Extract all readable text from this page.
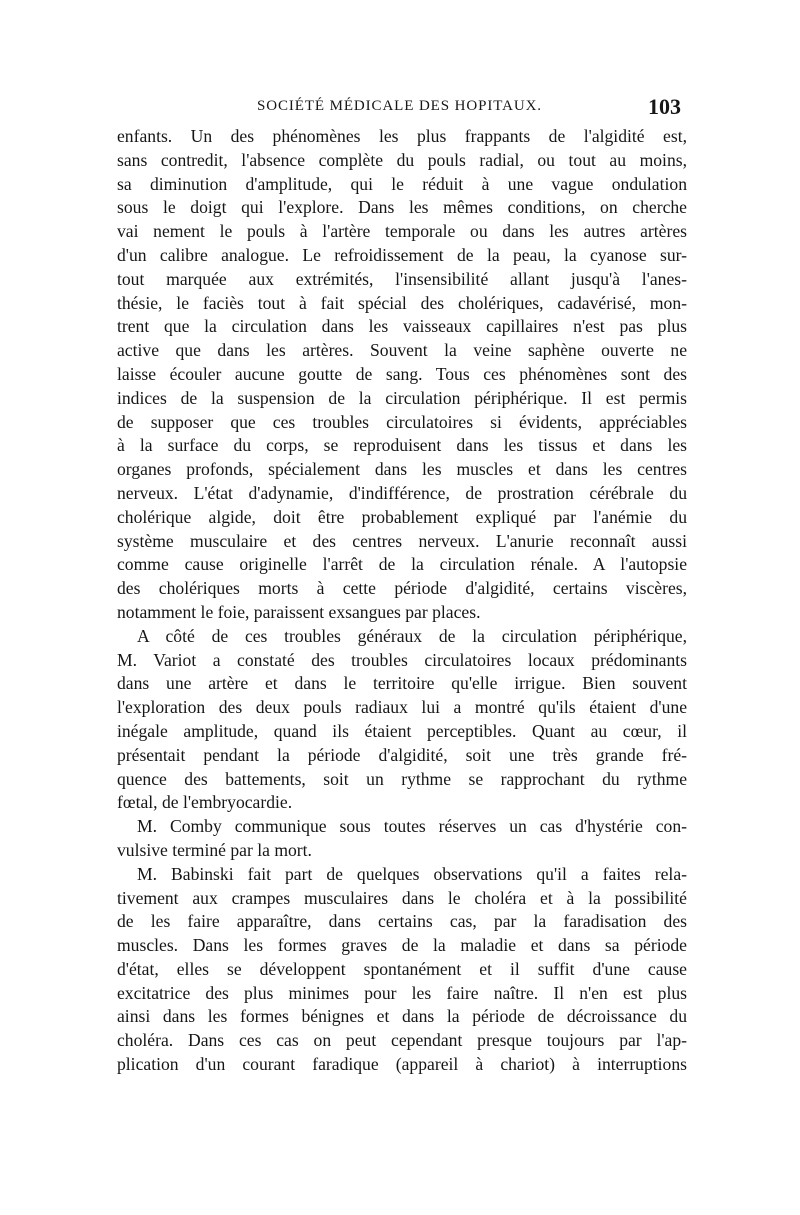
SOCIÉTÉ MÉDICALE DES HOPITAUX.	103
enfants. Un des phénomènes les plus frappants de l'algidité est,
sans contredit, l'absence complète du pouls radial, ou tout au moins,
sa diminution d'amplitude, qui le réduit à une vague ondulation
sous le doigt qui l'explore. Dans les mêmes conditions, on cherche
vai nement le pouls à l'artère temporale ou dans les autres artères
d'un calibre analogue. Le refroidissement de la peau, la cyanose sur-
tout marquée aux extrémités, l'insensibilité allant jusqu'à l'anes-
thésie, le faciès tout à fait spécial des cholériques, cadavérisé, mon-
trent que la circulation dans les vaisseaux capillaires n'est pas plus
active que dans les artères. Souvent la veine saphène ouverte ne
laisse écouler aucune goutte de sang. Tous ces phénomènes sont des
indices de la suspension de la circulation périphérique. Il est permis
de supposer que ces troubles circulatoires si évidents, appréciables
à la surface du corps, se reproduisent dans les tissus et dans les
organes profonds, spécialement dans les muscles et dans les centres
nerveux. L'état d'adynamie, d'indifférence, de prostration cérébrale du
cholérique algide, doit être probablement expliqué par l'anémie du
système musculaire et des centres nerveux. L'anurie reconnaît aussi
comme cause originelle l'arrêt de la circulation rénale. A l'autopsie
des cholériques morts à cette période d'algidité, certains viscères,
notamment le foie, paraissent exsangues par places.
A côté de ces troubles généraux de la circulation périphérique,
M. Variot a constaté des troubles circulatoires locaux prédominants
dans une artère et dans le territoire qu'elle irrigue. Bien souvent
l'exploration des deux pouls radiaux lui a montré qu'ils étaient d'une
inégale amplitude, quand ils étaient perceptibles. Quant au cœur, il
présentait pendant la période d'algidité, soit une très grande fré-
quence des battements, soit un rythme se rapprochant du rythme
fœtal, de l'embryocardie.
M. Comby communique sous toutes réserves un cas d'hystérie con-
vulsive terminé par la mort.
M. Babinski fait part de quelques observations qu'il a faites rela-
tivement aux crampes musculaires dans le choléra et à la possibilité
de les faire apparaître, dans certains cas, par la faradisation des
muscles. Dans les formes graves de la maladie et dans sa période
d'état, elles se développent spontanément et il suffit d'une cause
excitatrice des plus minimes pour les faire naître. Il n'en est plus
ainsi dans les formes bénignes et dans la période de décroissance du
choléra. Dans ces cas on peut cependant presque toujours par l'ap-
plication d'un courant faradique (appareil à chariot) à interruptions
